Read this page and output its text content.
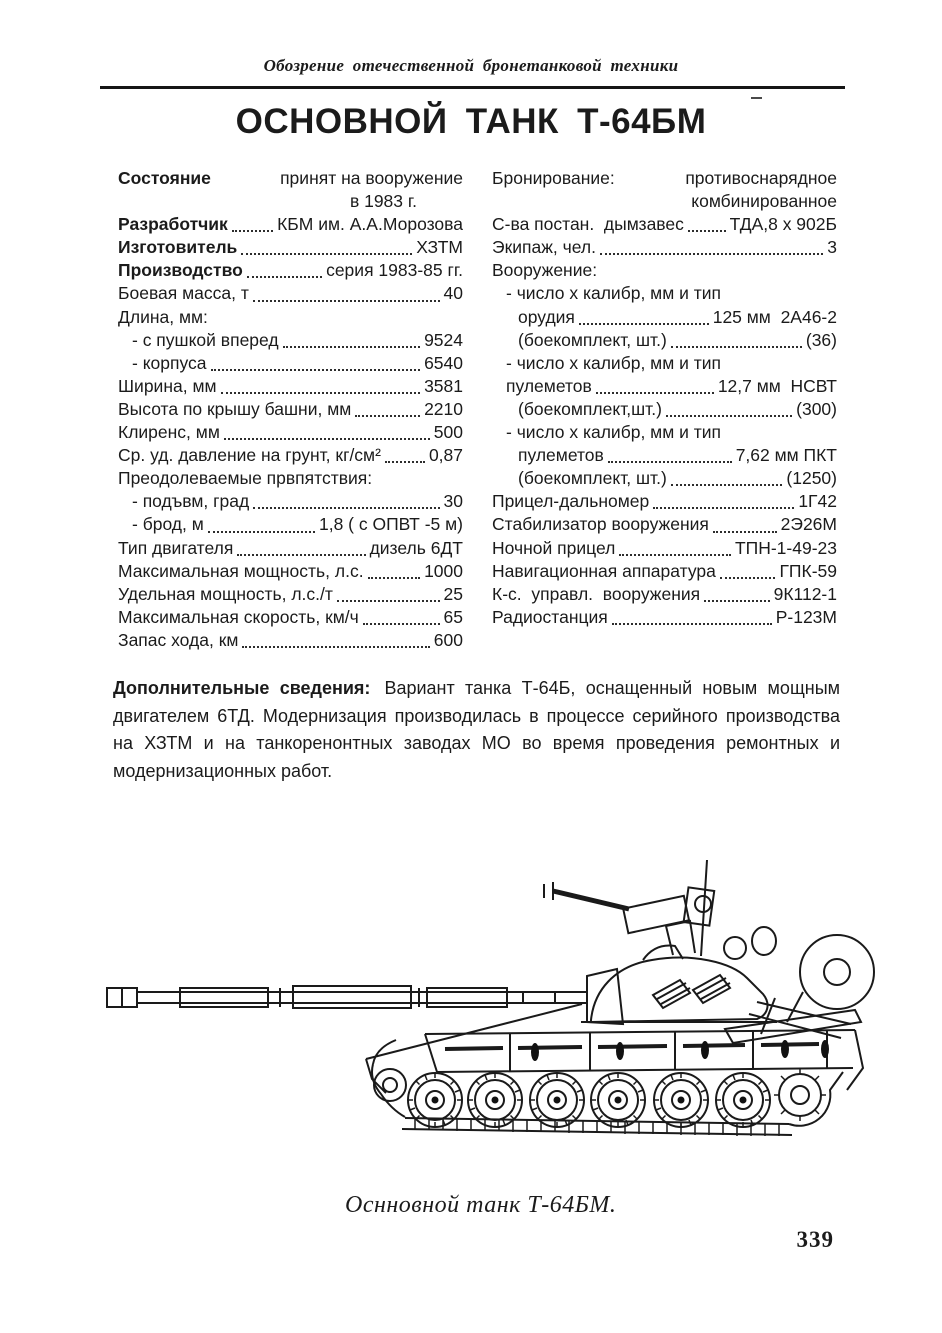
Обозрение отечественной бронетанковой техники
ОСНОВНОЙ ТАНК Т-64БМ
Состояние	принят на вооружение
в 1983 г.
Разработчик	КБМ им. А.А.Морозова
Изготовитель	ХЗТМ
Производство	серия 1983-85 гг.
Боевая масса, т	40
Длина, мм:
- с пушкой вперед	9524
- корпуса	6540
Ширина, мм	3581
Высота по крышу башни, мм	2210
Клиренс, мм	500
Ср. уд. давление на грунт, кг/см²	0,87
Преодолеваемые првпятствия:
- подъвм, град	30
- брод, м	1,8 ( с ОПВТ -5 м)
Тип двигателя	дизель 6ДТ
Максимальная мощность, л.с.	1000
Удельная мощность, л.с./т	25
Максимальная скорость, км/ч	65
Запас хода, км	600
Бронирование:	противоснарядное
комбинированное
С-ва постан.  дымзавес	ТДА,8 х 902Б
Экипаж, чел.	3
Вооружение:
- число х калибр, мм и тип
орудия	125 мм  2А46-2
(боекомплект, шт.)	(36)
- число х калибр, мм и тип
пулеметов	12,7 мм  НСВТ
(боекомплект,шт.)	(300)
- число х калибр, мм и тип
пулеметов	7,62 мм ПКТ
(боекомплект, шт.)	(1250)
Прицел-дальномер	1Г42
Стабилизатор вооружения	2Э26М
Ночной прицел	ТПН-1-49-23
Навигационная аппаратура	ГПК-59
К-с.  управл.  вооружения	9К112-1
Радиостанция	Р-123М
Дополнительные сведения: Вариант танка Т-64Б, оснащенный новым мощным двигателем 6ТД. Модернизация производилась в процессе серийного производства на ХЗТМ и на танкоренонтных заводах МО во время проведения ремонтных и модернизационных работ.
Оснновной танк Т-64БМ.
339
